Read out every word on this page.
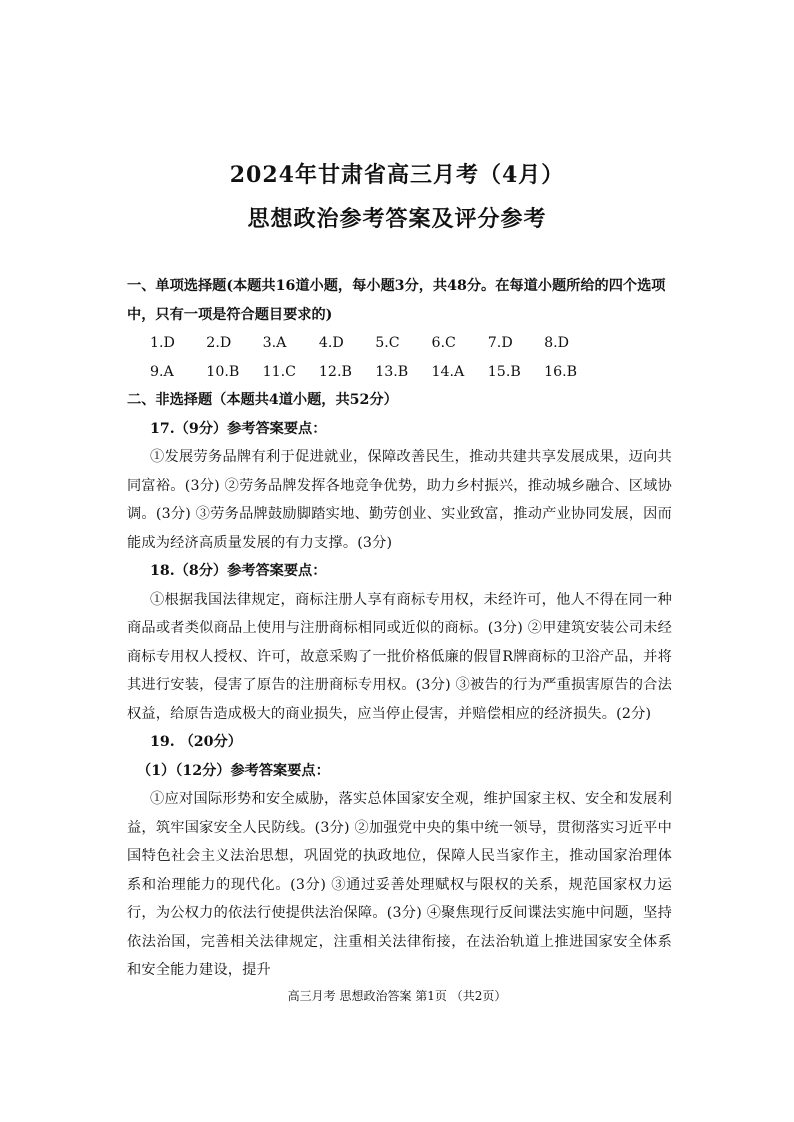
2024年甘肃省高三月考（4月）
思想政治参考答案及评分参考

一、单项选择题(本题共16道小题，每小题3分，共48分。在每道小题所给的四个选项中，只有一项是符合题目要求的)

1.D	2.D	3.A	4.D	5.C	6.C	7.D	8.D
9.A	10.B	11.C	12.B	13.B	14.A	15.B	16.B

二、非选择题（本题共4道小题，共52分）

17.（9分）参考答案要点：

①发展劳务品牌有利于促进就业，保障改善民生，推动共建共享发展成果，迈向共同富裕。(3分) ②劳务品牌发挥各地竞争优势，助力乡村振兴，推动城乡融合、区域协调。(3分) ③劳务品牌鼓励脚踏实地、勤劳创业、实业致富，推动产业协同发展，因而能成为经济高质量发展的有力支撑。(3分)

18.（8分）参考答案要点：

①根据我国法律规定，商标注册人享有商标专用权，未经许可，他人不得在同一种商品或者类似商品上使用与注册商标相同或近似的商标。(3分) ②甲建筑安装公司未经商标专用权人授权、许可，故意采购了一批价格低廉的假冒R牌商标的卫浴产品，并将其进行安装，侵害了原告的注册商标专用权。(3分) ③被告的行为严重损害原告的合法权益，给原告造成极大的商业损失，应当停止侵害，并赔偿相应的经济损失。(2分)

19. （20分）

（1）（12分）参考答案要点：

①应对国际形势和安全威胁，落实总体国家安全观，维护国家主权、安全和发展利益，筑牢国家安全人民防线。(3分) ②加强党中央的集中统一领导，贯彻落实习近平中国特色社会主义法治思想，巩固党的执政地位，保障人民当家作主，推动国家治理体系和治理能力的现代化。(3分) ③通过妥善处理赋权与限权的关系，规范国家权力运行，为公权力的依法行使提供法治保障。(3分) ④聚焦现行反间谍法实施中问题，坚持依法治国，完善相关法律规定，注重相关法律衔接，在法治轨道上推进国家安全体系和安全能力建设，提升

高三月考 思想政治答案 第1页 （共2页）
